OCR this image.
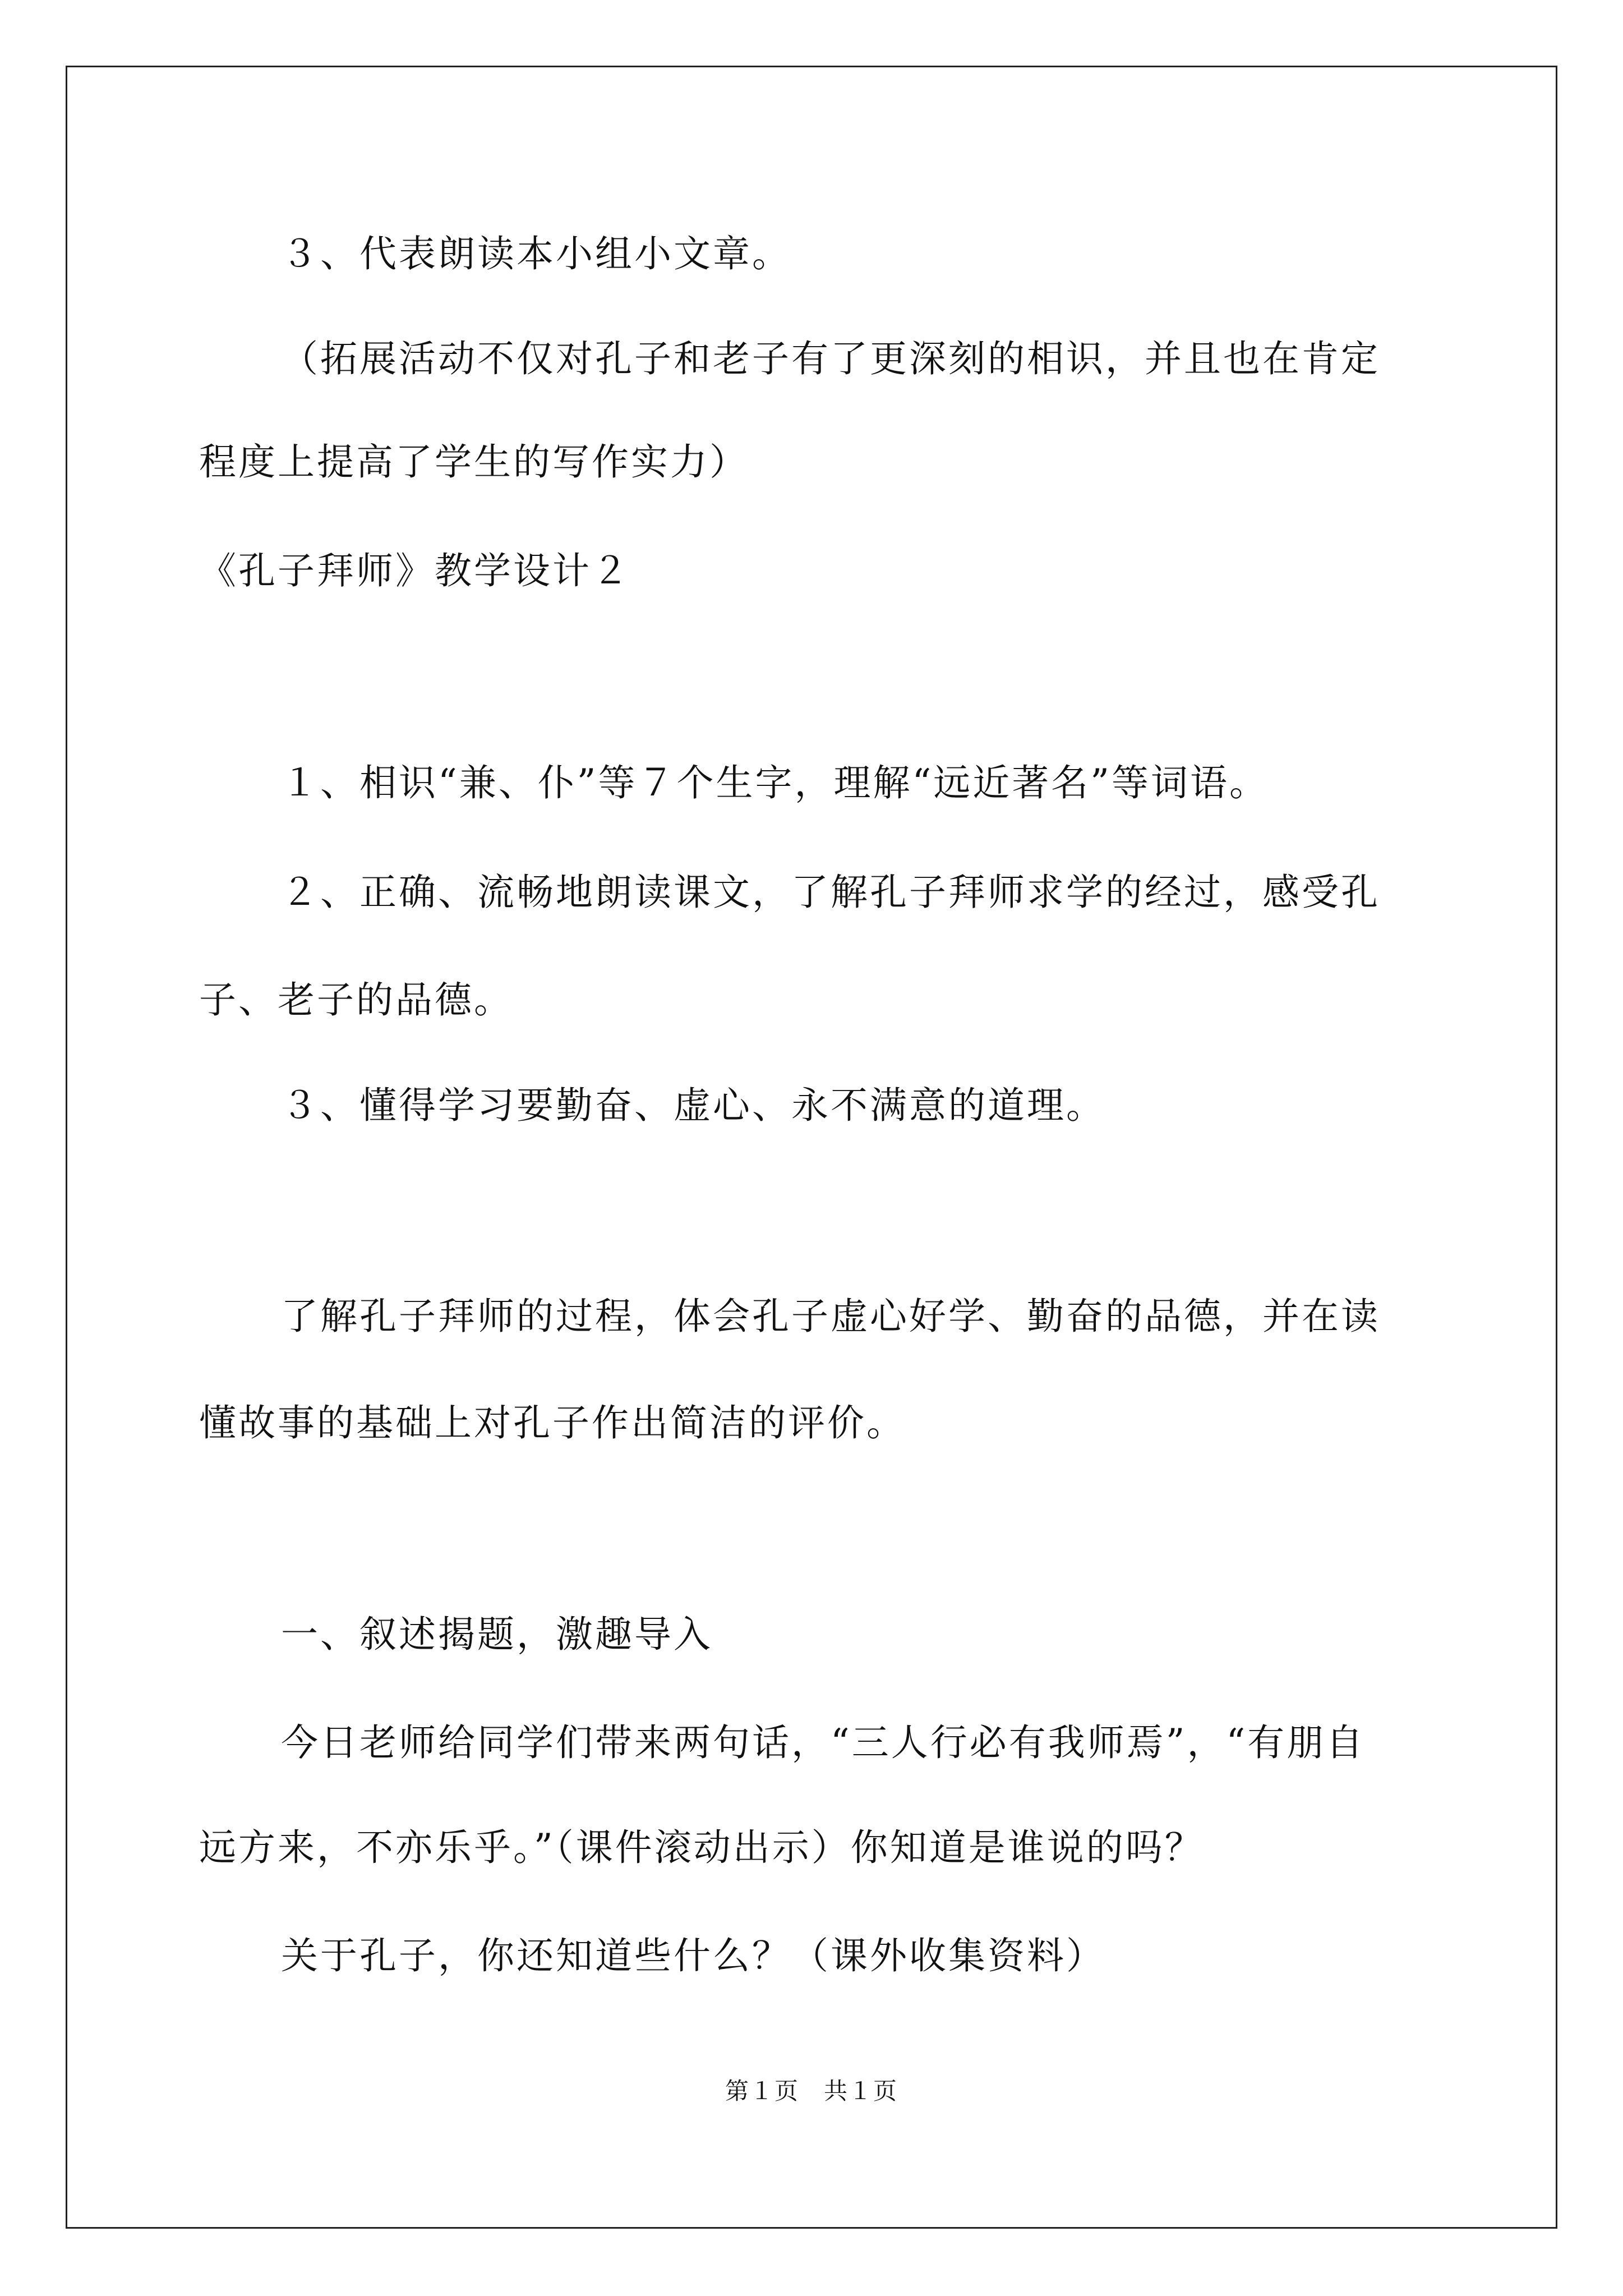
３、代表朗读本小组小文章。
（拓展活动不仅对孔子和老子有了更深刻的相识，并且也在肯定
程度上提高了学生的写作实力）
《孔子拜师》教学设计２
１、相识“兼、仆”等７个生字，理解“远近著名”等词语。
２、正确、流畅地朗读课文，了解孔子拜师求学的经过，感受孔
子、老子的品德。
３、懂得学习要勤奋、虚心、永不满意的道理。
了解孔子拜师的过程，体会孔子虚心好学、勤奋的品德，并在读
懂故事的基础上对孔子作出简洁的评价。
一、叙述揭题，激趣导入
今日老师给同学们带来两句话，“三人行必有我师焉”，“有朋自
远方来，不亦乐乎。”（课件滚动出示）你知道是谁说的吗？
关于孔子，你还知道些什么？（课外收集资料）
第１页　共１页
